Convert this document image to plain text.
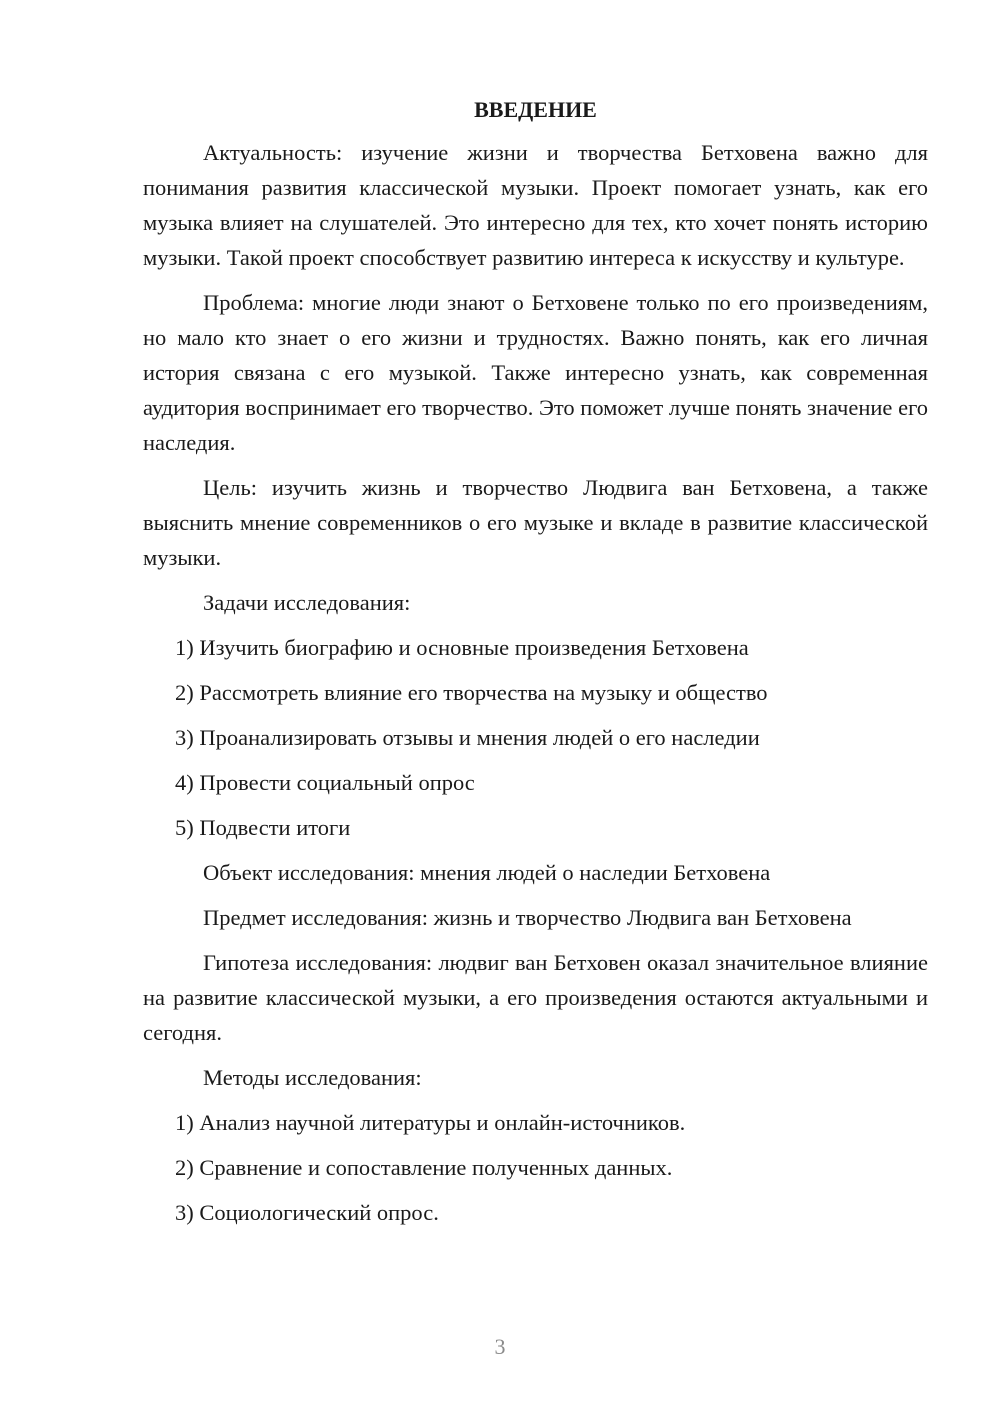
ВВЕДЕНИЕ

Актуальность: изучение жизни и творчества Бетховена важно для понимания развития классической музыки. Проект помогает узнать, как его музыка влияет на слушателей. Это интересно для тех, кто хочет понять историю музыки. Такой проект способствует развитию интереса к искусству и культуре.

Проблема: многие люди знают о Бетховене только по его произведениям, но мало кто знает о его жизни и трудностях. Важно понять, как его личная история связана с его музыкой. Также интересно узнать, как современная аудитория воспринимает его творчество. Это поможет лучше понять значение его наследия.

Цель: изучить жизнь и творчество Людвига ван Бетховена, а также выяснить мнение современников о его музыке и вкладе в развитие классической музыки.

Задачи исследования:

1) Изучить биографию и основные произведения Бетховена
2) Рассмотреть влияние его творчества на музыку и общество
3) Проанализировать отзывы и мнения людей о его наследии
4) Провести социальный опрос
5) Подвести итоги

Объект исследования: мнения людей о наследии Бетховена

Предмет исследования: жизнь и творчество Людвига ван Бетховена

Гипотеза исследования: людвиг ван Бетховен оказал значительное влияние на развитие классической музыки, а его произведения остаются актуальными и сегодня.

Методы исследования:

1) Анализ научной литературы и онлайн-источников.
2) Сравнение и сопоставление полученных данных.
3) Социологический опрос.
3
